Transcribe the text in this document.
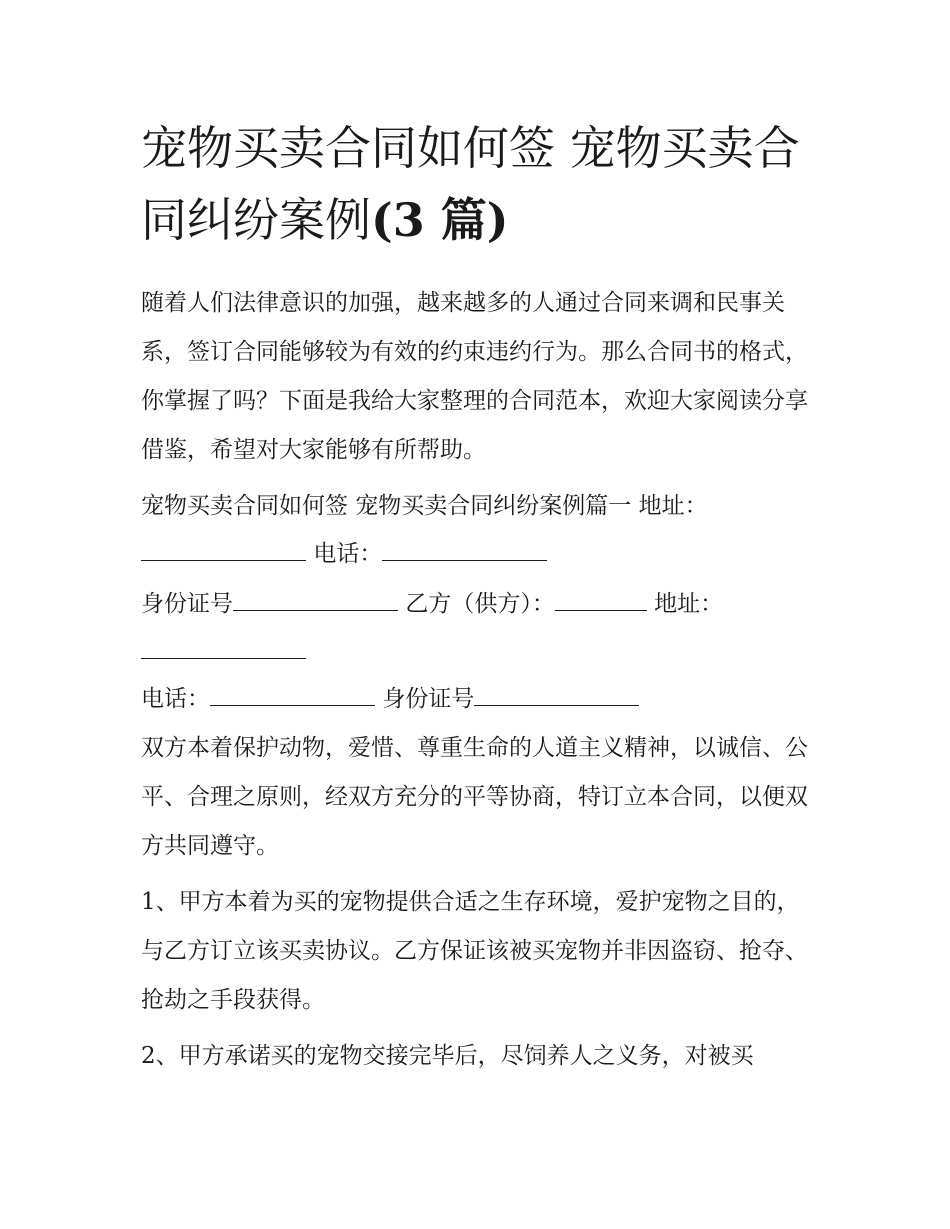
宠物买卖合同如何签 宠物买卖合同纠纷案例(3 篇)

随着人们法律意识的加强，越来越多的人通过合同来调和民事关系，签订合同能够较为有效的约束违约行为。那么合同书的格式，你掌握了吗？下面是我给大家整理的合同范本，欢迎大家阅读分享借鉴，希望对大家能够有所帮助。

宠物买卖合同如何签 宠物买卖合同纠纷案例篇一 地址：

电话：

身份证号	乙方（供方）：	地址：

电话：	身份证号

双方本着保护动物，爱惜、尊重生命的人道主义精神，以诚信、公平、合理之原则，经双方充分的平等协商，特订立本合同，以便双方共同遵守。

1、甲方本着为买的宠物提供合适之生存环境，爱护宠物之目的，与乙方订立该买卖协议。乙方保证该被买宠物并非因盗窃、抢夺、抢劫之手段获得。

2、甲方承诺买的宠物交接完毕后，尽饲养人之义务，对被买
